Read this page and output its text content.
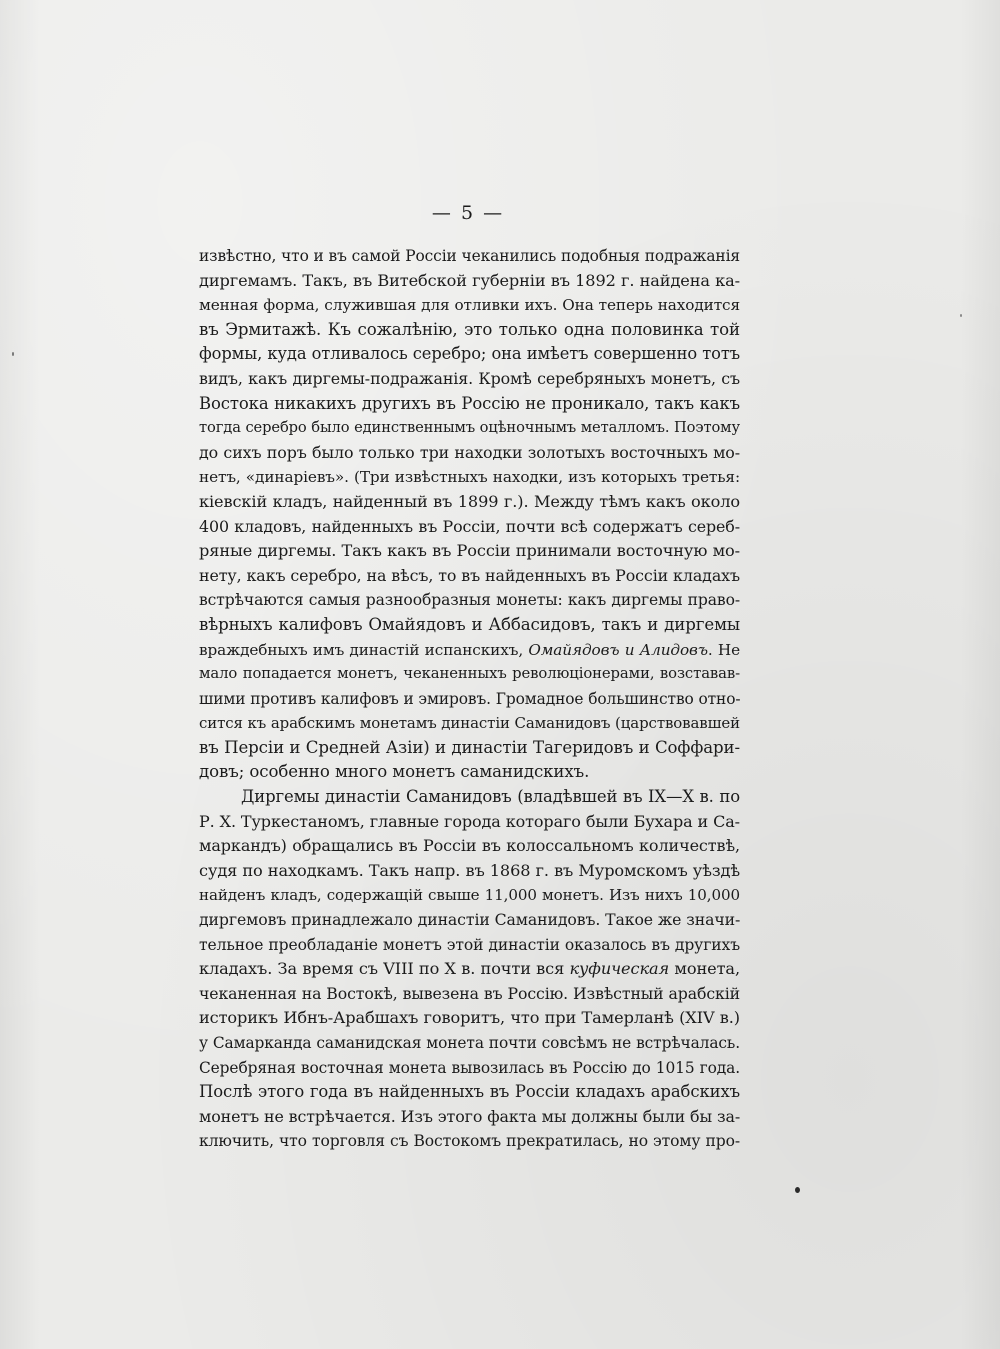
— 5 —
извѣстно, что и въ самой Россіи чеканились подобныя подражанія
диргемамъ. Такъ, въ Витебской губерніи въ 1892 г. найдена ка-
менная форма, служившая для отливки ихъ. Она теперь находится
въ Эрмитажѣ. Къ сожалѣнію, это только одна половинка той
формы, куда отливалось серебро; она имѣетъ совершенно тотъ
видъ, какъ диргемы-подражанія. Кромѣ серебряныхъ монетъ, съ
Востока никакихъ другихъ въ Россію не проникало, такъ какъ
тогда серебро было единственнымъ оцѣночнымъ металломъ. Поэтому
до сихъ поръ было только три находки золотыхъ восточныхъ мо-
нетъ, «динаріевъ». (Три извѣстныхъ находки, изъ которыхъ третья:
кіевскій кладъ, найденный въ 1899 г.). Между тѣмъ какъ около
400 кладовъ, найденныхъ въ Россіи, почти всѣ содержатъ сереб-
ряные диргемы. Такъ какъ въ Россіи принимали восточную мо-
нету, какъ серебро, на вѣсъ, то въ найденныхъ въ Россіи кладахъ
встрѣчаются самыя разнообразныя монеты: какъ диргемы право-
вѣрныхъ калифовъ Омайядовъ и Аббасидовъ, такъ и диргемы
враждебныхъ имъ династій испанскихъ, Омайядовъ и Алидовъ. Не
мало попадается монетъ, чеканенныхъ революціонерами, возставав-
шими противъ калифовъ и эмировъ. Громадное большинство отно-
сится къ арабскимъ монетамъ династіи Саманидовъ (царствовавшей
въ Персіи и Средней Азіи) и династіи Тагеридовъ и Соффари-
довъ; особенно много монетъ саманидскихъ.
Диргемы династіи Саманидовъ (владѣвшей въ IX—X в. по
Р. Х. Туркестаномъ, главные города котораго были Бухара и Са-
маркандъ) обращались въ Россіи въ колоссальномъ количествѣ,
судя по находкамъ. Такъ напр. въ 1868 г. въ Муромскомъ уѣздѣ
найденъ кладъ, содержащій свыше 11,000 монетъ. Изъ нихъ 10,000
диргемовъ принадлежало династіи Саманидовъ. Такое же значи-
тельное преобладаніе монетъ этой династіи оказалось въ другихъ
кладахъ. За время съ VIII по X в. почти вся куфическая монета,
чеканенная на Востокѣ, вывезена въ Россію. Извѣстный арабскій
историкъ Ибнъ-Арабшахъ говоритъ, что при Тамерланѣ (XIV в.)
у Самарканда саманидская монета почти совсѣмъ не встрѣчалась.
Серебряная восточная монета вывозилась въ Россію до 1015 года.
Послѣ этого года въ найденныхъ въ Россіи кладахъ арабскихъ
монетъ не встрѣчается. Изъ этого факта мы должны были бы за-
ключить, что торговля съ Востокомъ прекратилась, но этому про-
